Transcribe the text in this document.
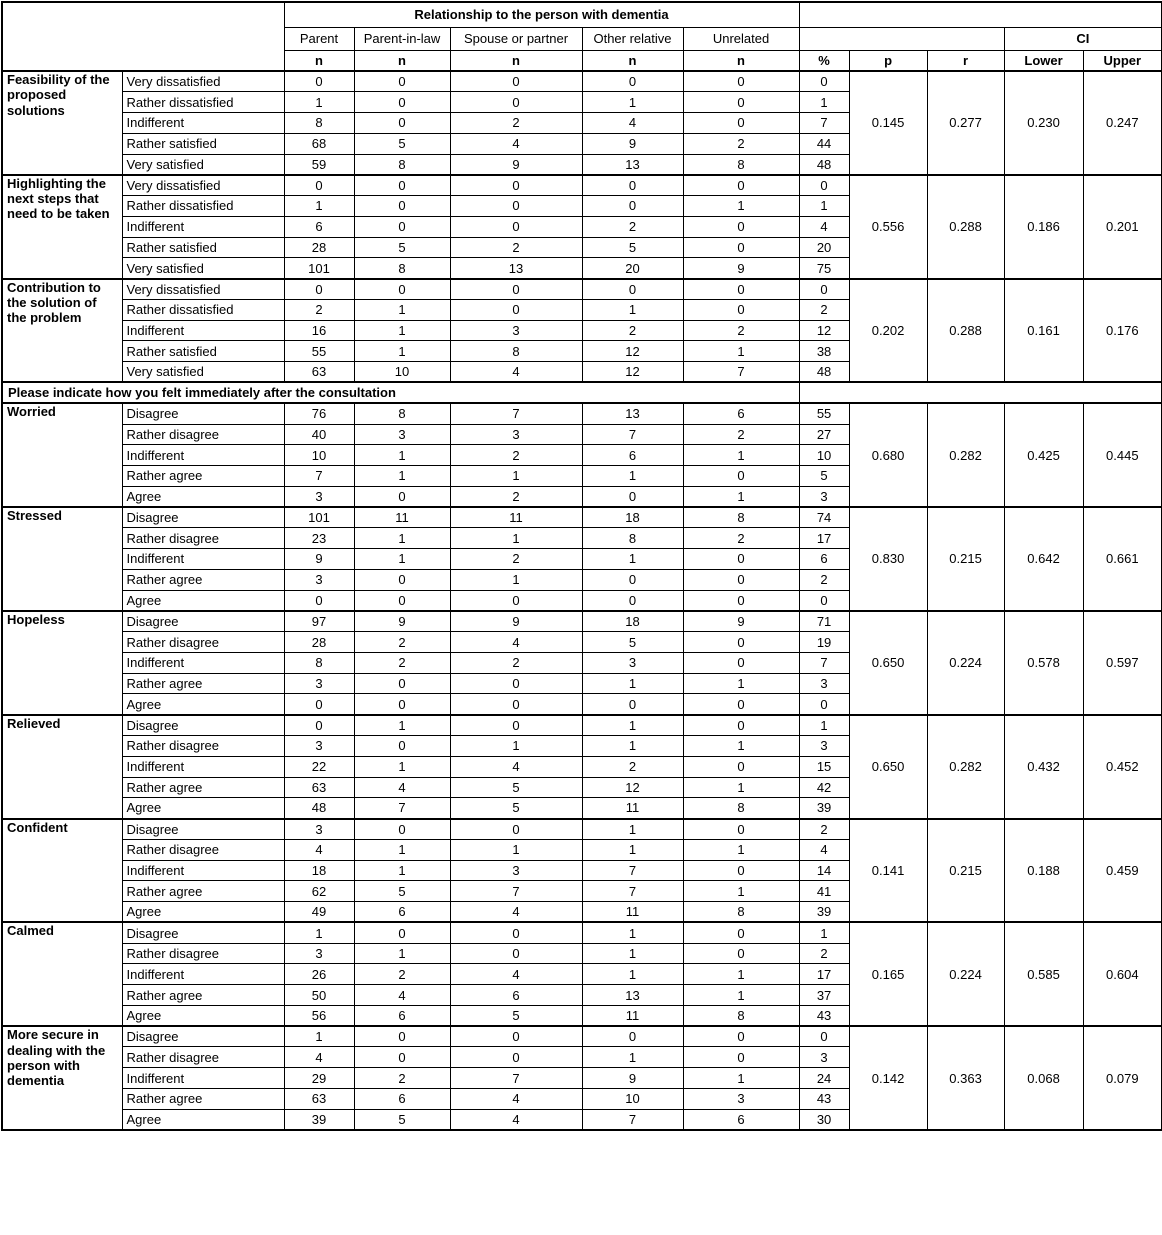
		Relationship to the person with dementia									
		Parent	Parent-in-law	Spouse or partner	Other relative	Unrelated				CI	
		n	n	n	n	n	%	p	r	Lower	Upper
Feasibility of the proposed solutions	Very dissatisfied	0	0	0	0	0	0	0.145	0.277	0.230	0.247
	Rather dissatisfied	1	0	0	1	0	1				
	Indifferent	8	0	2	4	0	7				
	Rather satisfied	68	5	4	9	2	44				
	Very satisfied	59	8	9	13	8	48				
Highlighting the next steps that need to be taken	Very dissatisfied	0	0	0	0	0	0	0.556	0.288	0.186	0.201
	Rather dissatisfied	1	0	0	0	1	1				
	Indifferent	6	0	0	2	0	4				
	Rather satisfied	28	5	2	5	0	20				
	Very satisfied	101	8	13	20	9	75				
Contribution to the solution of the problem	Very dissatisfied	0	0	0	0	0	0	0.202	0.288	0.161	0.176
	Rather dissatisfied	2	1	0	1	0	2				
	Indifferent	16	1	3	2	2	12				
	Rather satisfied	55	1	8	12	1	38				
	Very satisfied	63	10	4	12	7	48				
Please indicate how you felt immediately after the consultation											
Worried	Disagree	76	8	7	13	6	55	0.680	0.282	0.425	0.445
	Rather disagree	40	3	3	7	2	27				
	Indifferent	10	1	2	6	1	10				
	Rather agree	7	1	1	1	0	5				
	Agree	3	0	2	0	1	3				
Stressed	Disagree	101	11	11	18	8	74	0.830	0.215	0.642	0.661
	Rather disagree	23	1	1	8	2	17				
	Indifferent	9	1	2	1	0	6				
	Rather agree	3	0	1	0	0	2				
	Agree	0	0	0	0	0	0				
Hopeless	Disagree	97	9	9	18	9	71	0.650	0.224	0.578	0.597
	Rather disagree	28	2	4	5	0	19				
	Indifferent	8	2	2	3	0	7				
	Rather agree	3	0	0	1	1	3				
	Agree	0	0	0	0	0	0				
Relieved	Disagree	0	1	0	1	0	1	0.650	0.282	0.432	0.452
	Rather disagree	3	0	1	1	1	3				
	Indifferent	22	1	4	2	0	15				
	Rather agree	63	4	5	12	1	42				
	Agree	48	7	5	11	8	39				
Confident	Disagree	3	0	0	1	0	2	0.141	0.215	0.188	0.459
	Rather disagree	4	1	1	1	1	4				
	Indifferent	18	1	3	7	0	14				
	Rather agree	62	5	7	7	1	41				
	Agree	49	6	4	11	8	39				
Calmed	Disagree	1	0	0	1	0	1	0.165	0.224	0.585	0.604
	Rather disagree	3	1	0	1	0	2				
	Indifferent	26	2	4	1	1	17				
	Rather agree	50	4	6	13	1	37				
	Agree	56	6	5	11	8	43				
More secure in dealing with the person with dementia	Disagree	1	0	0	0	0	0	0.142	0.363	0.068	0.079
	Rather disagree	4	0	0	1	0	3				
	Indifferent	29	2	7	9	1	24				
	Rather agree	63	6	4	10	3	43				
	Agree	39	5	4	7	6	30				
